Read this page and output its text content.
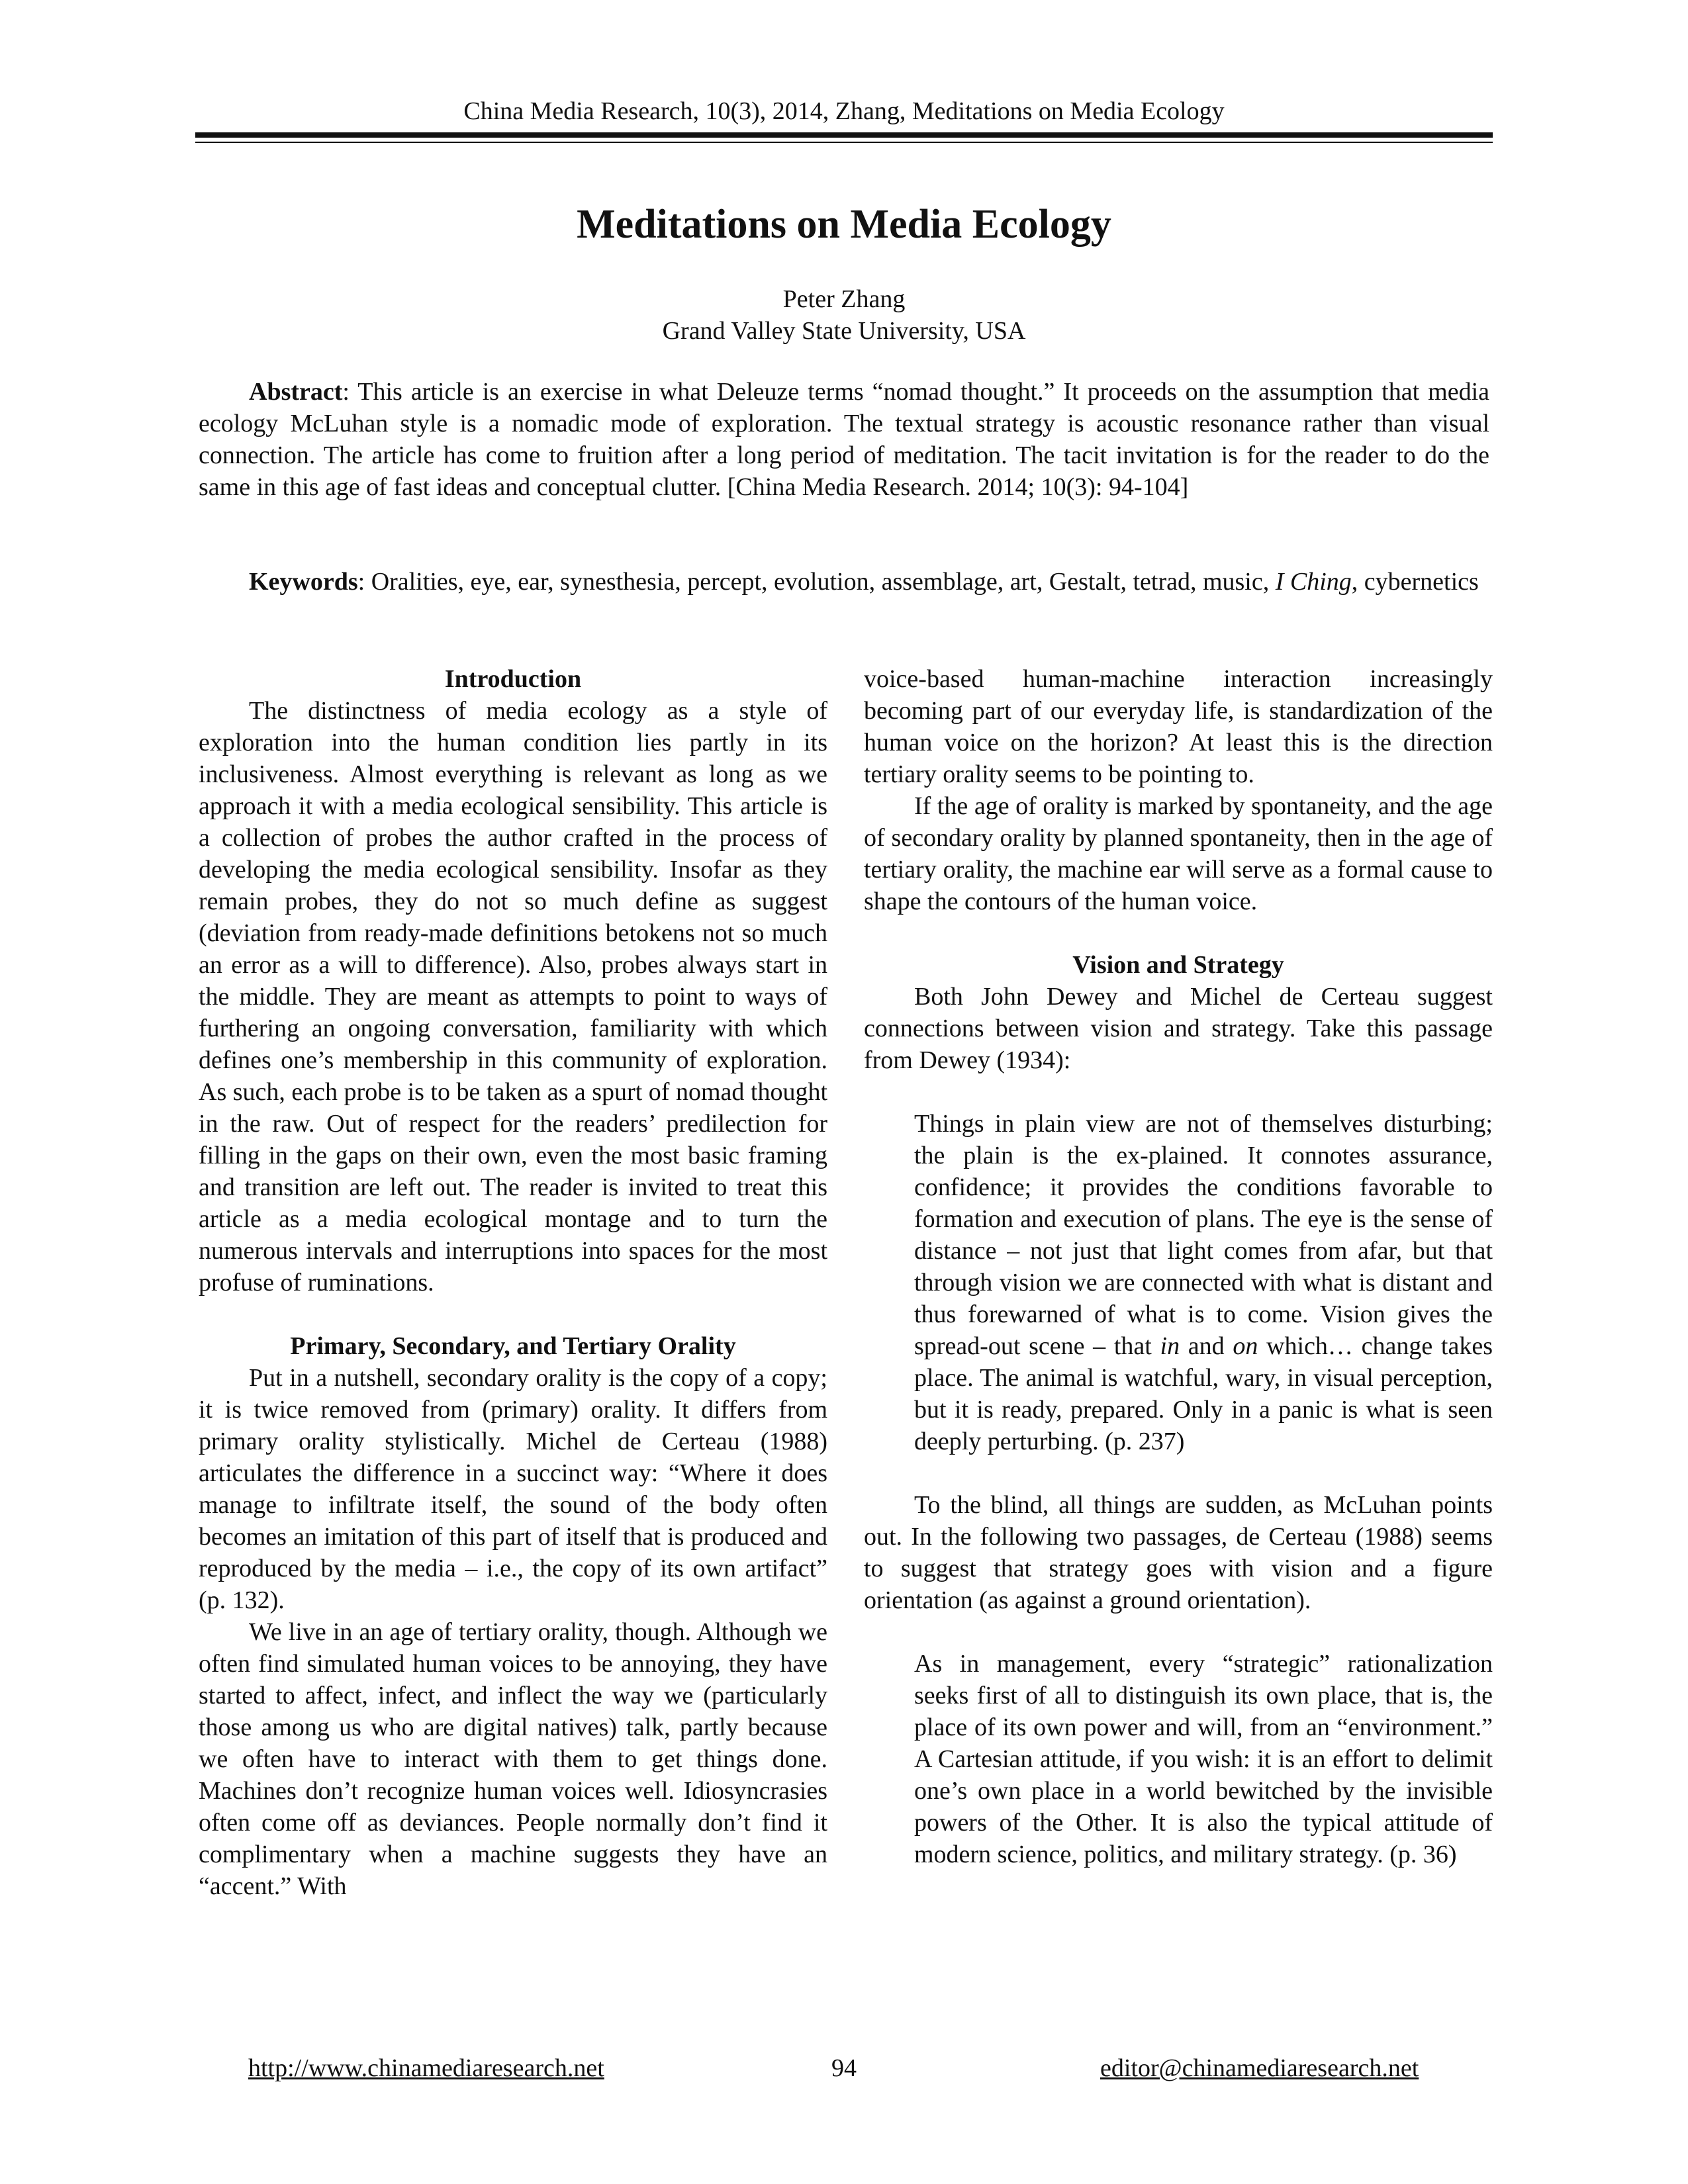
China Media Research, 10(3), 2014, Zhang, Meditations on Media Ecology
Meditations on Media Ecology
Peter Zhang
Grand Valley State University, USA

Abstract: This article is an exercise in what Deleuze terms “nomad thought.” It proceeds on the assumption that media ecology McLuhan style is a nomadic mode of exploration. The textual strategy is acoustic resonance rather than visual connection. The article has come to fruition after a long period of meditation. The tacit invitation is for the reader to do the same in this age of fast ideas and conceptual clutter. [China Media Research. 2014; 10(3): 94-104]

Keywords: Oralities, eye, ear, synesthesia, percept, evolution, assemblage, art, Gestalt, tetrad, music, I Ching, cybernetics

Introduction

The distinctness of media ecology as a style of exploration into the human condition lies partly in its inclusiveness. Almost everything is relevant as long as we approach it with a media ecological sensibility. This article is a collection of probes the author crafted in the process of developing the media ecological sensibility. Insofar as they remain probes, they do not so much define as suggest (deviation from ready-made definitions betokens not so much an error as a will to difference). Also, probes always start in the middle. They are meant as attempts to point to ways of furthering an ongoing conversation, familiarity with which defines one’s membership in this community of exploration. As such, each probe is to be taken as a spurt of nomad thought in the raw. Out of respect for the readers’ predilection for filling in the gaps on their own, even the most basic framing and transition are left out. The reader is invited to treat this article as a media ecological montage and to turn the numerous intervals and interruptions into spaces for the most profuse of ruminations.

Primary, Secondary, and Tertiary Orality

Put in a nutshell, secondary orality is the copy of a copy; it is twice removed from (primary) orality. It differs from primary orality stylistically. Michel de Certeau (1988) articulates the difference in a succinct way: “Where it does manage to infiltrate itself, the sound of the body often becomes an imitation of this part of itself that is produced and reproduced by the media – i.e., the copy of its own artifact” (p. 132).

We live in an age of tertiary orality, though. Although we often find simulated human voices to be annoying, they have started to affect, infect, and inflect the way we (particularly those among us who are digital natives) talk, partly because we often have to interact with them to get things done. Machines don’t recognize human voices well. Idiosyncrasies often come off as deviances. People normally don’t find it complimentary when a machine suggests they have an “accent.” With

voice-based human-machine interaction increasingly becoming part of our everyday life, is standardization of the human voice on the horizon? At least this is the direction tertiary orality seems to be pointing to.

If the age of orality is marked by spontaneity, and the age of secondary orality by planned spontaneity, then in the age of tertiary orality, the machine ear will serve as a formal cause to shape the contours of the human voice.

Vision and Strategy

Both John Dewey and Michel de Certeau suggest connections between vision and strategy. Take this passage from Dewey (1934):

Things in plain view are not of themselves disturbing; the plain is the ex-plained. It connotes assurance, confidence; it provides the conditions favorable to formation and execution of plans. The eye is the sense of distance – not just that light comes from afar, but that through vision we are connected with what is distant and thus forewarned of what is to come. Vision gives the spread-out scene – that in and on which… change takes place. The animal is watchful, wary, in visual perception, but it is ready, prepared. Only in a panic is what is seen deeply perturbing. (p. 237)

To the blind, all things are sudden, as McLuhan points out. In the following two passages, de Certeau (1988) seems to suggest that strategy goes with vision and a figure orientation (as against a ground orientation).

As in management, every “strategic” rationalization seeks first of all to distinguish its own place, that is, the place of its own power and will, from an “environment.” A Cartesian attitude, if you wish: it is an effort to delimit one’s own place in a world bewitched by the invisible powers of the Other. It is also the typical attitude of modern science, politics, and military strategy. (p. 36)

http://www.chinamediaresearch.net	94	editor@chinamediaresearch.net
